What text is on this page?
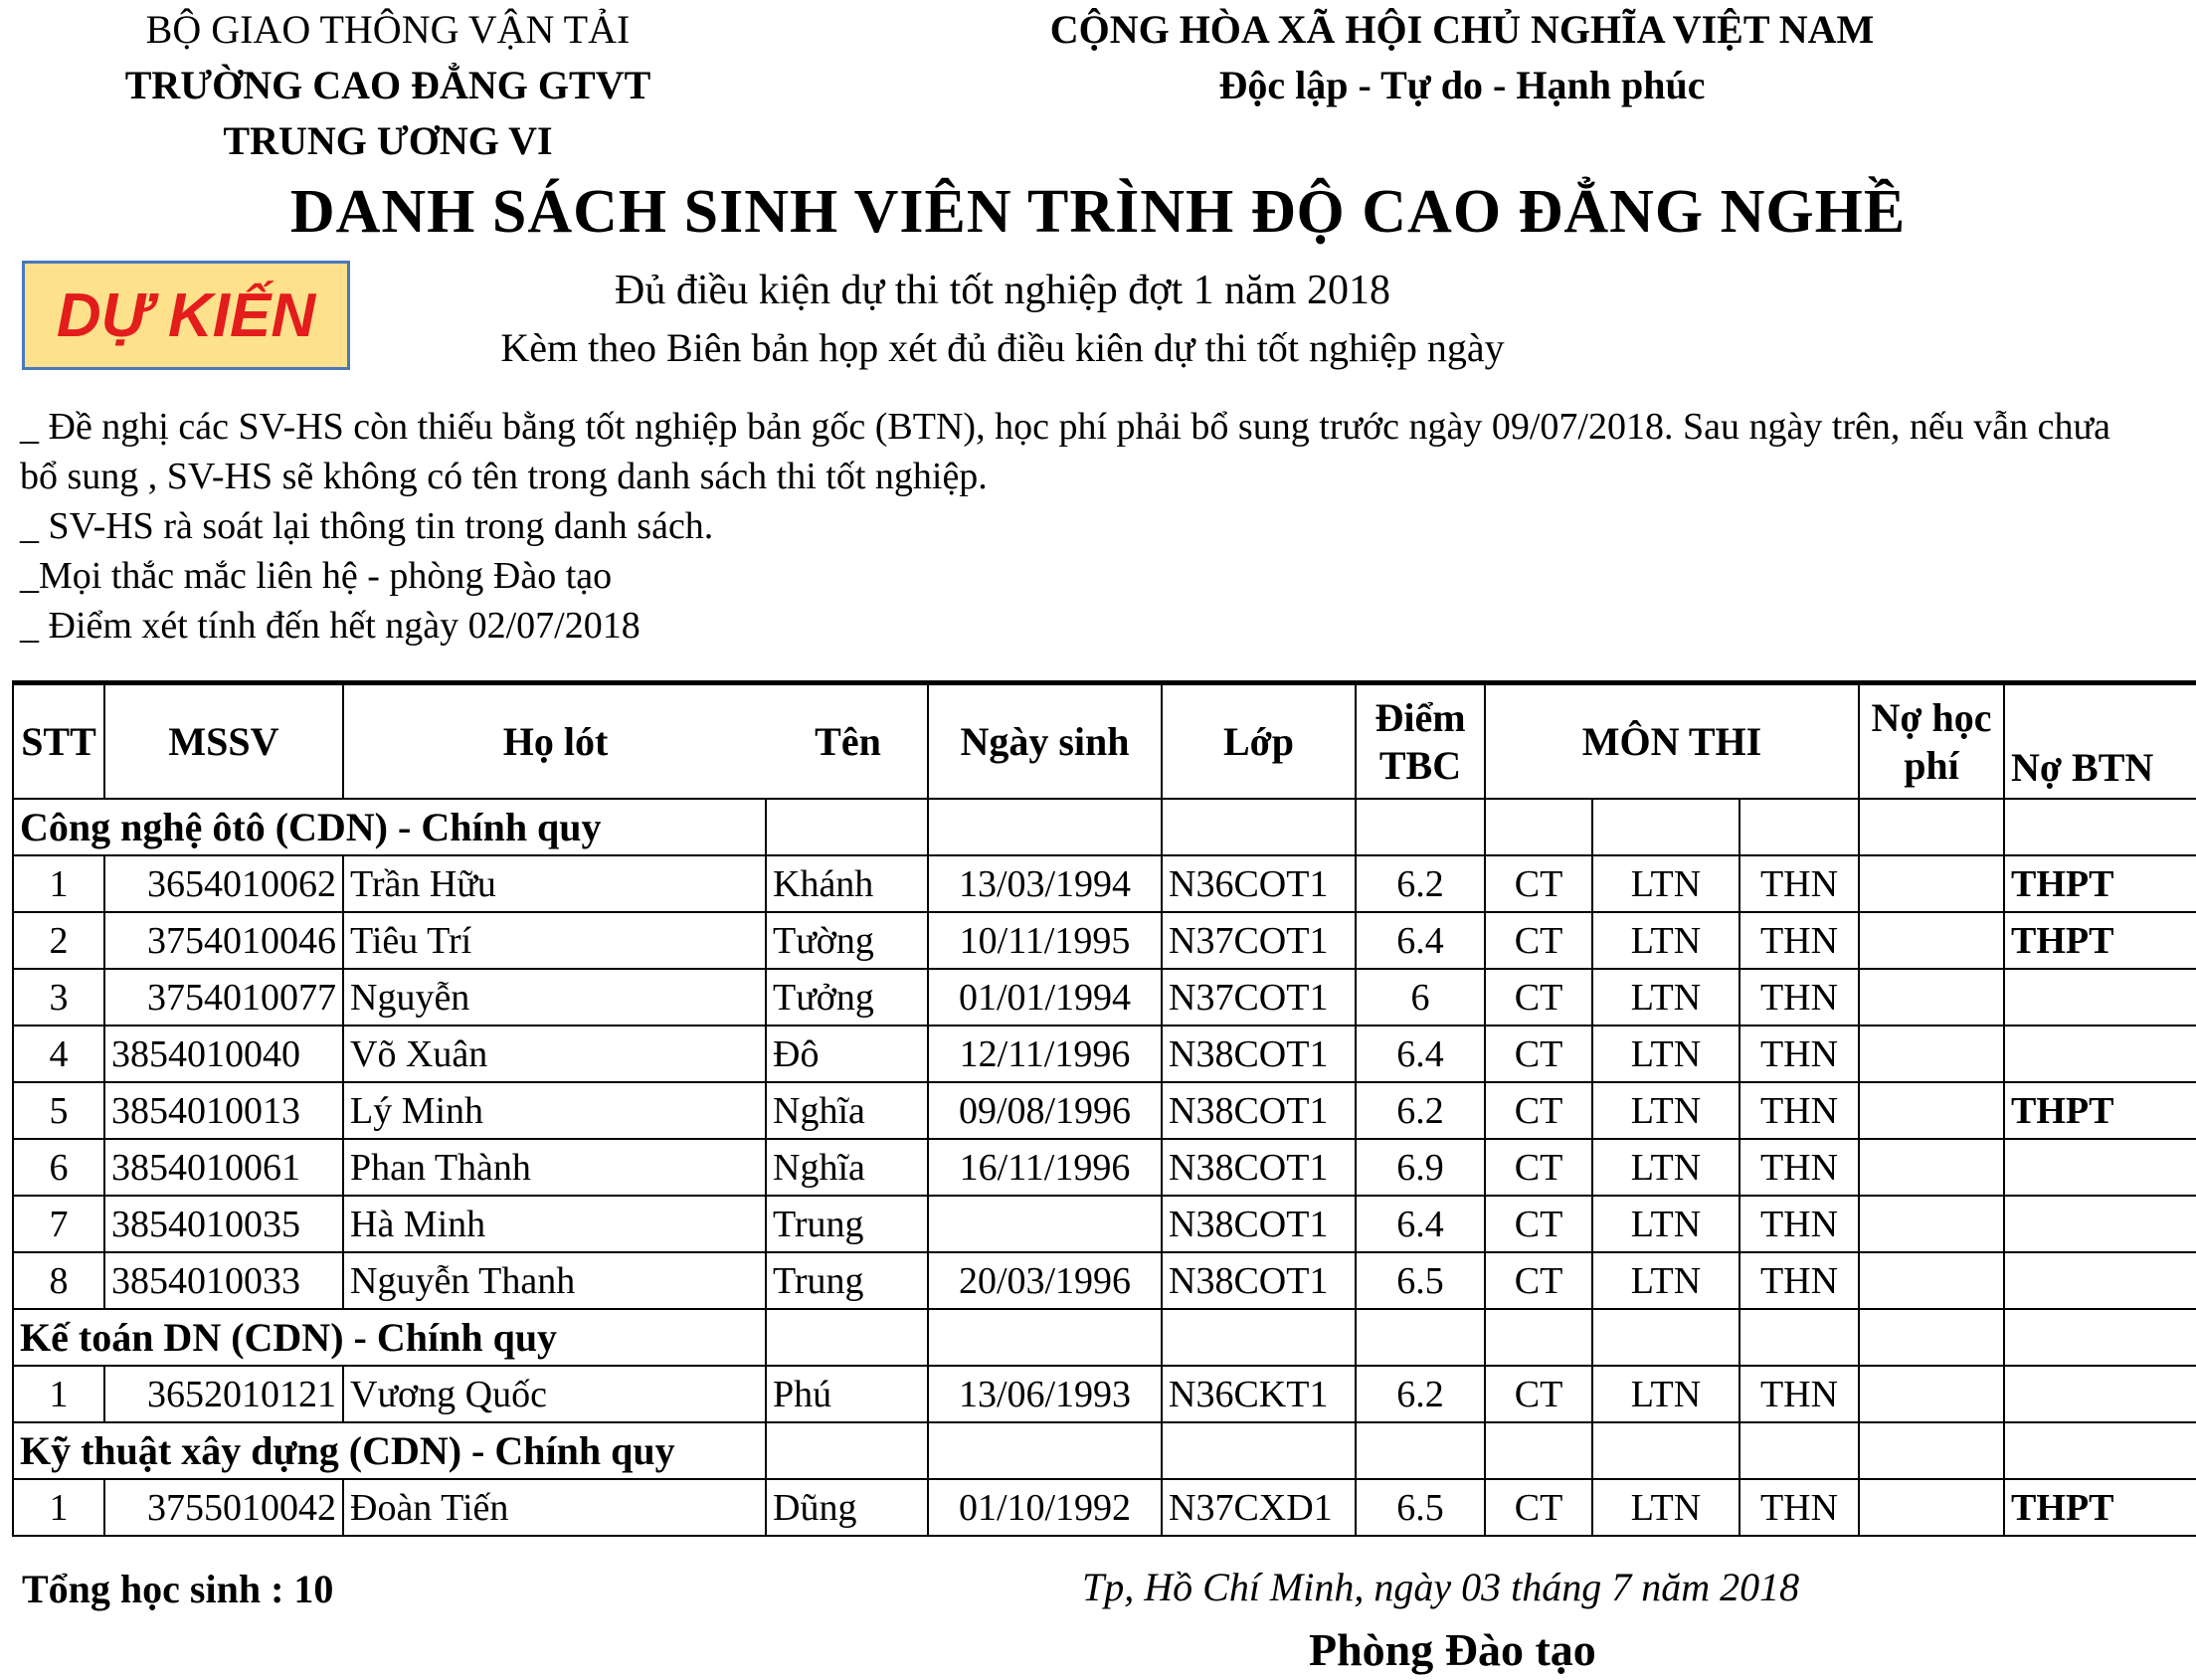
BỘ GIAO THÔNG VẬN TẢI
TRƯỜNG CAO ĐẲNG GTVT
TRUNG ƯƠNG VI
CỘNG HÒA XÃ HỘI CHỦ NGHĨA VIỆT NAM
Độc lập - Tự do - Hạnh phúc
DANH SÁCH SINH VIÊN TRÌNH ĐỘ CAO ĐẲNG NGHỀ
DỰ KIẾN	Đủ điều kiện dự thi tốt nghiệp đợt 1 năm 2018
Kèm theo Biên bản họp xét đủ điều kiên dự thi tốt nghiệp ngày
_ Đề nghị các SV-HS còn thiếu bằng tốt nghiệp bản gốc (BTN), học phí phải bổ sung trước ngày 09/07/2018. Sau ngày trên, nếu vẫn chưa
bổ sung , SV-HS sẽ không có tên trong danh sách thi tốt nghiệp.
_ SV-HS rà soát lại thông tin trong danh sách.
_Mọi thắc mắc liên hệ - phòng Đào tạo
_ Điểm xét tính đến hết ngày 02/07/2018
STT	MSSV	Họ lót Tên		Ngày sinh	Lớp	Điểm TBC	MÔN THI			Nợ học phí	Nợ BTN
Công nghệ ôtô (CDN) - Chính quy											
1	3654010062	Trần Hữu	Khánh	13/03/1994	N36COT1	6.2	CT	LTN	THN		THPT
2	3754010046	Tiêu Trí	Tường	10/11/1995	N37COT1	6.4	CT	LTN	THN		THPT
3	3754010077	Nguyễn	Tưởng	01/01/1994	N37COT1	6	CT	LTN	THN		
4	3854010040	Võ Xuân	Đô	12/11/1996	N38COT1	6.4	CT	LTN	THN		
5	3854010013	Lý Minh	Nghĩa	09/08/1996	N38COT1	6.2	CT	LTN	THN		THPT
6	3854010061	Phan Thành	Nghĩa	16/11/1996	N38COT1	6.9	CT	LTN	THN		
7	3854010035	Hà Minh	Trung		N38COT1	6.4	CT	LTN	THN		
8	3854010033	Nguyễn Thanh	Trung	20/03/1996	N38COT1	6.5	CT	LTN	THN		
Kế toán DN (CDN) - Chính quy											
1	3652010121	Vương Quốc	Phú	13/06/1993	N36CKT1	6.2	CT	LTN	THN		
Kỹ thuật xây dựng (CDN) - Chính quy											
1	3755010042	Đoàn Tiến	Dũng	01/10/1992	N37CXD1	6.5	CT	LTN	THN		THPT
Tổng học sinh : 10	Tp, Hồ Chí Minh, ngày 03 tháng 7 năm 2018
Phòng Đào tạo
